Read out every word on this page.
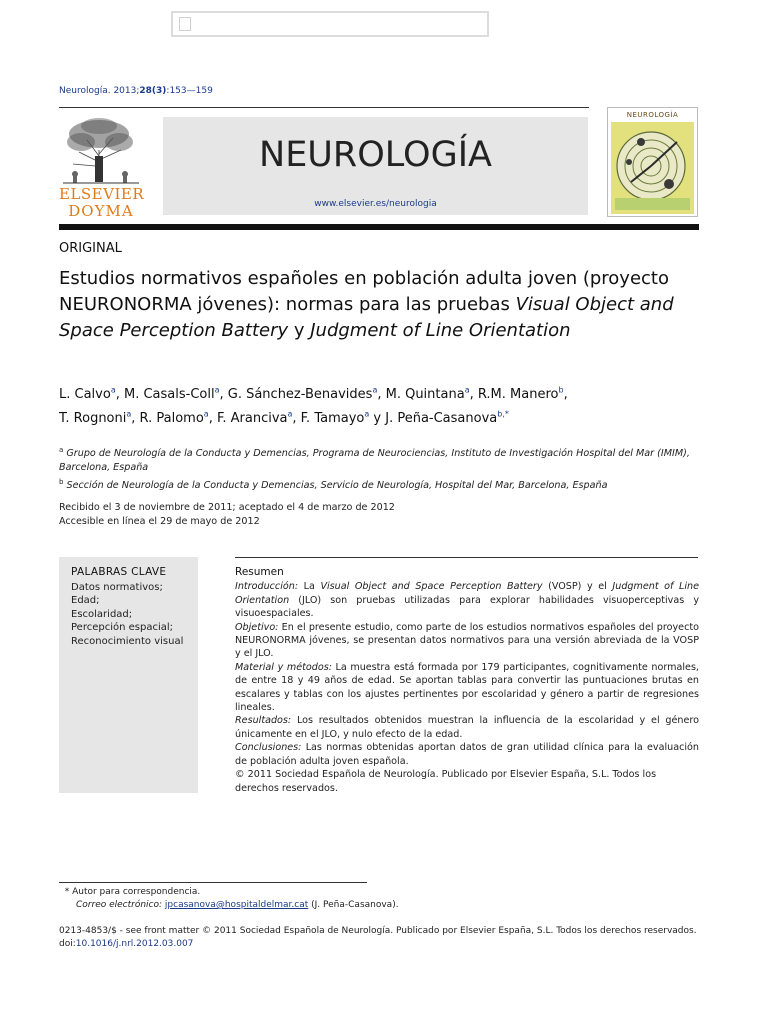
Neurología. 2013;28(3):153—159
ELSEVIER
DOYMA
NEUROLOGÍA
www.elsevier.es/neurologia
NEUROLOGÍA
ORIGINAL
Estudios normativos españoles en población adulta joven (proyecto NEURONORMA jóvenes): normas para las pruebas Visual Object and Space Perception Battery y Judgment of Line Orientation
L. Calvo$^a$, M. Casals-Coll$^a$, G. Sánchez-Benavides$^a$, M. Quintana$^a$, R.M. Manero$^b$,
T. Rognoni$^a$, R. Palomo$^a$, F. Aranciva$^a$, F. Tamayo$^a$ y J. Peña-Casanova$^{b,*}$
$^a$ Grupo de Neurología de la Conducta y Demencias, Programa de Neurociencias, Instituto de Investigación Hospital del Mar (IMIM), Barcelona, España
$^b$ Sección de Neurología de la Conducta y Demencias, Servicio de Neurología, Hospital del Mar, Barcelona, España
Recibido el 3 de noviembre de 2011; aceptado el 4 de marzo de 2012
Accesible en línea el 29 de mayo de 2012
PALABRAS CLAVE
Datos normativos;
Edad;
Escolaridad;
Percepción espacial;
Reconocimiento visual
Resumen

Introducción: La Visual Object and Space Perception Battery (VOSP) y el Judgment of Line Orientation (JLO) son pruebas utilizadas para explorar habilidades visuoperceptivas y visuoespaciales.

Objetivo: En el presente estudio, como parte de los estudios normativos españoles del proyecto NEURONORMA jóvenes, se presentan datos normativos para una versión abreviada de la VOSP y el JLO.

Material y métodos: La muestra está formada por 179 participantes, cognitivamente normales, de entre 18 y 49 años de edad. Se aportan tablas para convertir las puntuaciones brutas en escalares y tablas con los ajustes pertinentes por escolaridad y género a partir de regresiones lineales.

Resultados: Los resultados obtenidos muestran la influencia de la escolaridad y el género únicamente en el JLO, y nulo efecto de la edad.

Conclusiones: Las normas obtenidas aportan datos de gran utilidad clínica para la evaluación de población adulta joven española.

© 2011 Sociedad Española de Neurología. Publicado por Elsevier España, S.L. Todos los derechos reservados.

* Autor para correspondencia.
Correo electrónico: jpcasanova@hospitaldelmar.cat (J. Peña-Casanova).
0213-4853/$ - see front matter © 2011 Sociedad Española de Neurología. Publicado por Elsevier España, S.L. Todos los derechos reservados.
doi:10.1016/j.nrl.2012.03.007
